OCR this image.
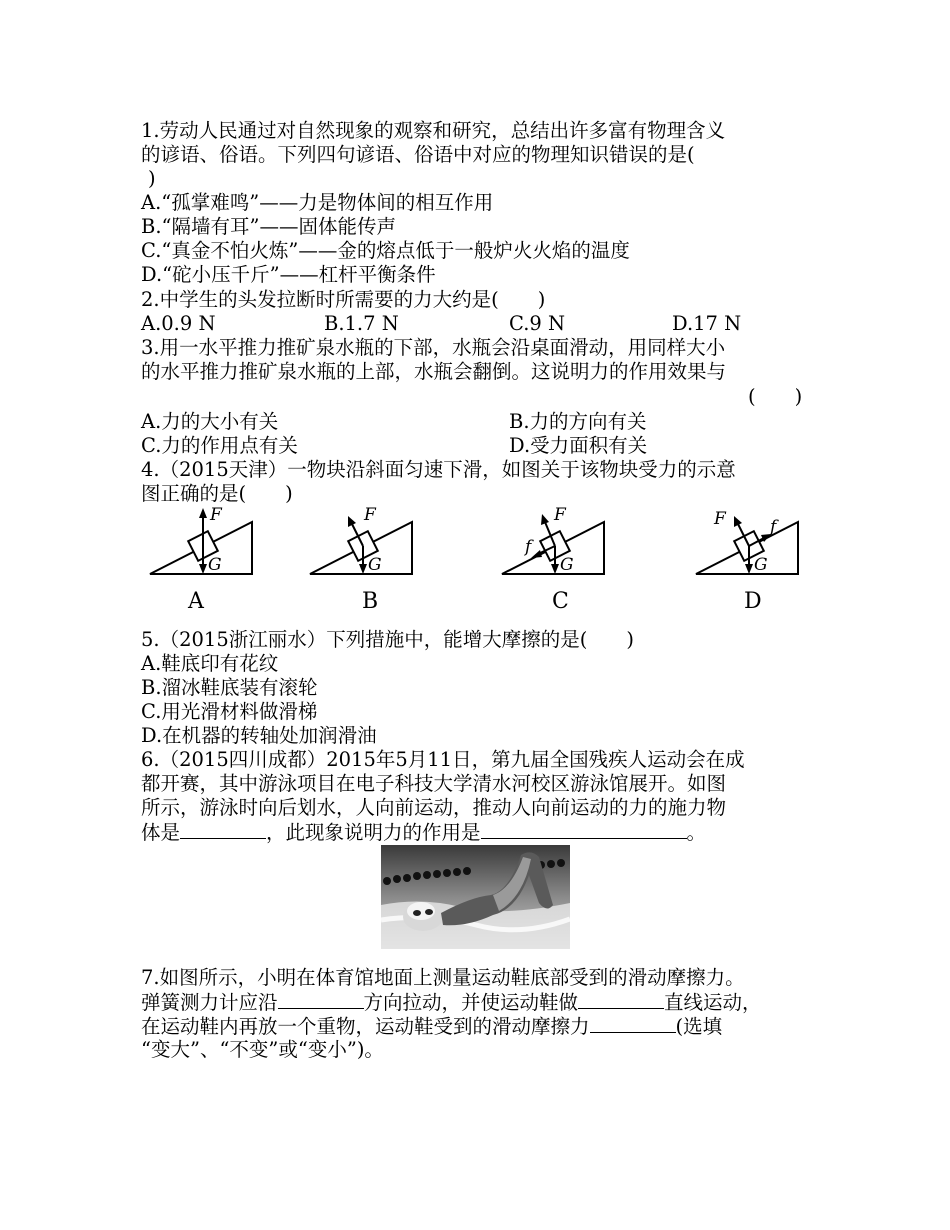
1.劳动人民通过对自然现象的观察和研究，总结出许多富有物理含义
的谚语、俗语。下列四句谚语、俗语中对应的物理知识错误的是(
)
A.“孤掌难鸣”——力是物体间的相互作用
B.“隔墙有耳”——固体能传声
C.“真金不怕火炼”——金的熔点低于一般炉火火焰的温度
D.“砣小压千斤”——杠杆平衡条件
2.中学生的头发拉断时所需要的力大约是(　　)
A.0.9 N	B.1.7 N	C.9 N	D.17 N
3.用一水平推力推矿泉水瓶的下部，水瓶会沿桌面滑动，用同样大小
的水平推力推矿泉水瓶的上部，水瓶会翻倒。这说明力的作用效果与
(　　)
A.力的大小有关	B.力的方向有关
C.力的作用点有关	D.受力面积有关
4.（2015天津）一物块沿斜面匀速下滑，如图关于该物块受力的示意
图正确的是(　　)
F
G
A
F
G
B
F
f
G
C
F	f
G
D
5.（2015浙江丽水）下列措施中，能增大摩擦的是(　　)
A.鞋底印有花纹
B.溜冰鞋底装有滚轮
C.用光滑材料做滑梯
D.在机器的转轴处加润滑油
6.（2015四川成都）2015年5月11日，第九届全国残疾人运动会在成
都开赛，其中游泳项目在电子科技大学清水河校区游泳馆展开。如图
所示，游泳时向后划水，人向前运动，推动人向前运动的力的施力物
体是	，此现象说明力的作用是	。
7.如图所示，小明在体育馆地面上测量运动鞋底部受到的滑动摩擦力。
弹簧测力计应沿	方向拉动，并使运动鞋做	直线运动，
在运动鞋内再放一个重物，运动鞋受到的滑动摩擦力	(选填
“变大”、“不变”或“变小”)。
